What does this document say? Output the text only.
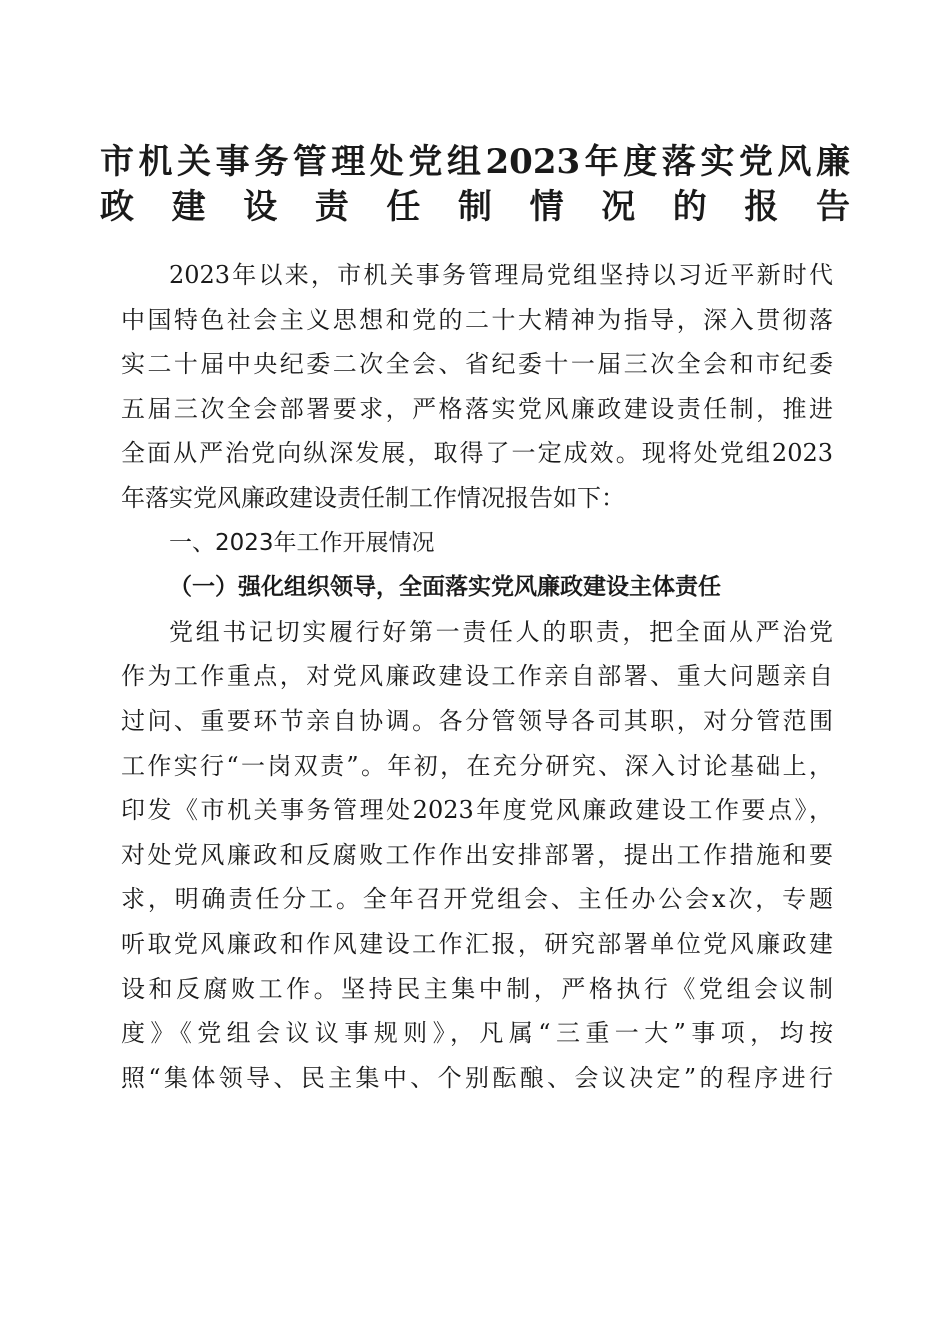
市机关事务管理处党组2023年度落实党风廉
政建设责任制情况的报告
2023年以来，市机关事务管理局党组坚持以习近平新时代
中国特色社会主义思想和党的二十大精神为指导，深入贯彻落
实二十届中央纪委二次全会、省纪委十一届三次全会和市纪委
五届三次全会部署要求，严格落实党风廉政建设责任制，推进
全面从严治党向纵深发展，取得了一定成效。现将处党组2023
年落实党风廉政建设责任制工作情况报告如下：
一、2023年工作开展情况
（一）强化组织领导，全面落实党风廉政建设主体责任
党组书记切实履行好第一责任人的职责，把全面从严治党
作为工作重点，对党风廉政建设工作亲自部署、重大问题亲自
过问、重要环节亲自协调。各分管领导各司其职，对分管范围
工作实行“一岗双责”。年初，在充分研究、深入讨论基础上，
印发《市机关事务管理处2023年度党风廉政建设工作要点》，
对处党风廉政和反腐败工作作出安排部署，提出工作措施和要
求，明确责任分工。全年召开党组会、主任办公会x次，专题
听取党风廉政和作风建设工作汇报，研究部署单位党风廉政建
设和反腐败工作。坚持民主集中制，严格执行《党组会议制
度》《党组会议议事规则》，凡属“三重一大”事项，均按
照“集体领导、民主集中、个别酝酿、会议决定”的程序进行
